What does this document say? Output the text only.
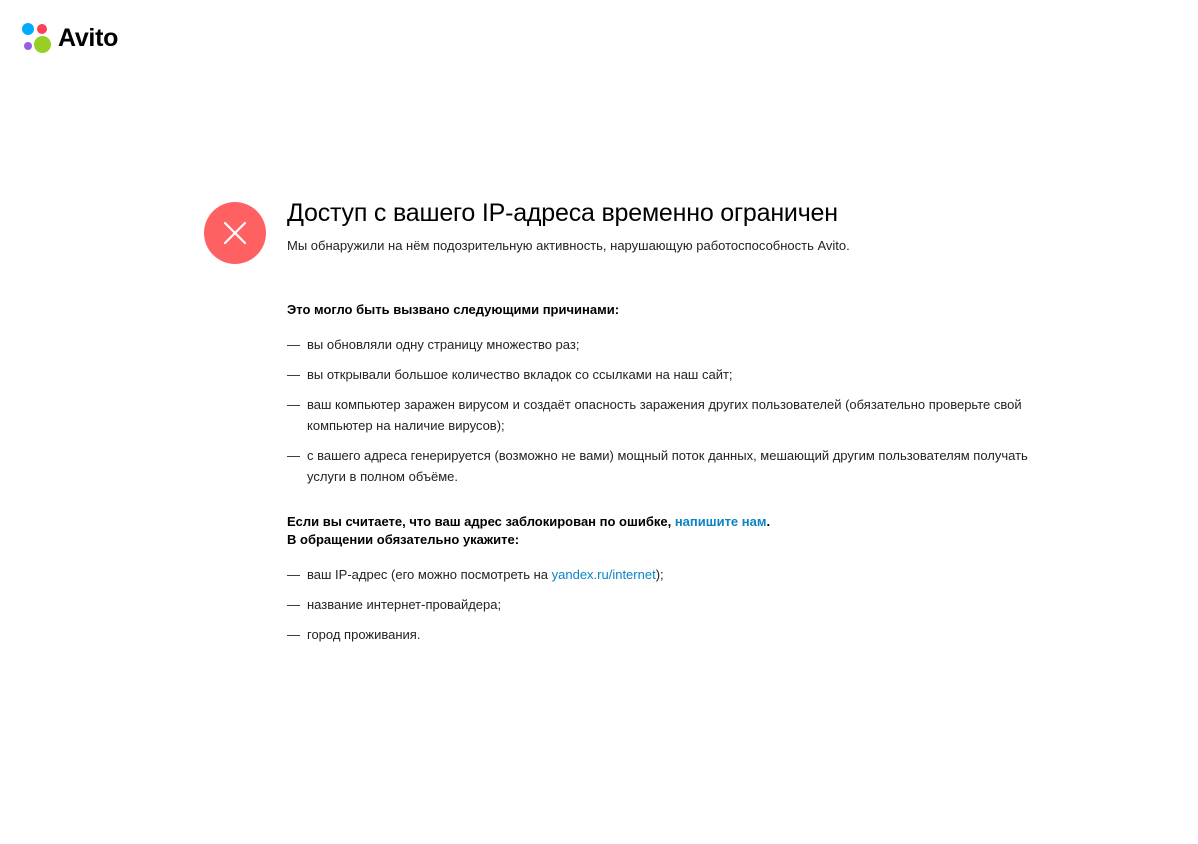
Avito
Доступ с вашего IP-адреса временно ограничен

Мы обнаружили на нём подозрительную активность, нарушающую работоспособность Avito.

Это могло быть вызвано следующими причинами:

— вы обновляли одну страницу множество раз;
— вы открывали большое количество вкладок со ссылками на наш сайт;
— ваш компьютер заражен вирусом и создаёт опасность заражения других пользователей (обязательно проверьте свой компьютер на наличие вирусов);
— с вашего адреса генерируется (возможно не вами) мощный поток данных, мешающий другим пользователям получать услуги в полном объёме.

Если вы считаете, что ваш адрес заблокирован по ошибке, напишите нам.
В обращении обязательно укажите:

— ваш IP-адрес (его можно посмотреть на yandex.ru/internet);
— название интернет-провайдера;
— город проживания.
